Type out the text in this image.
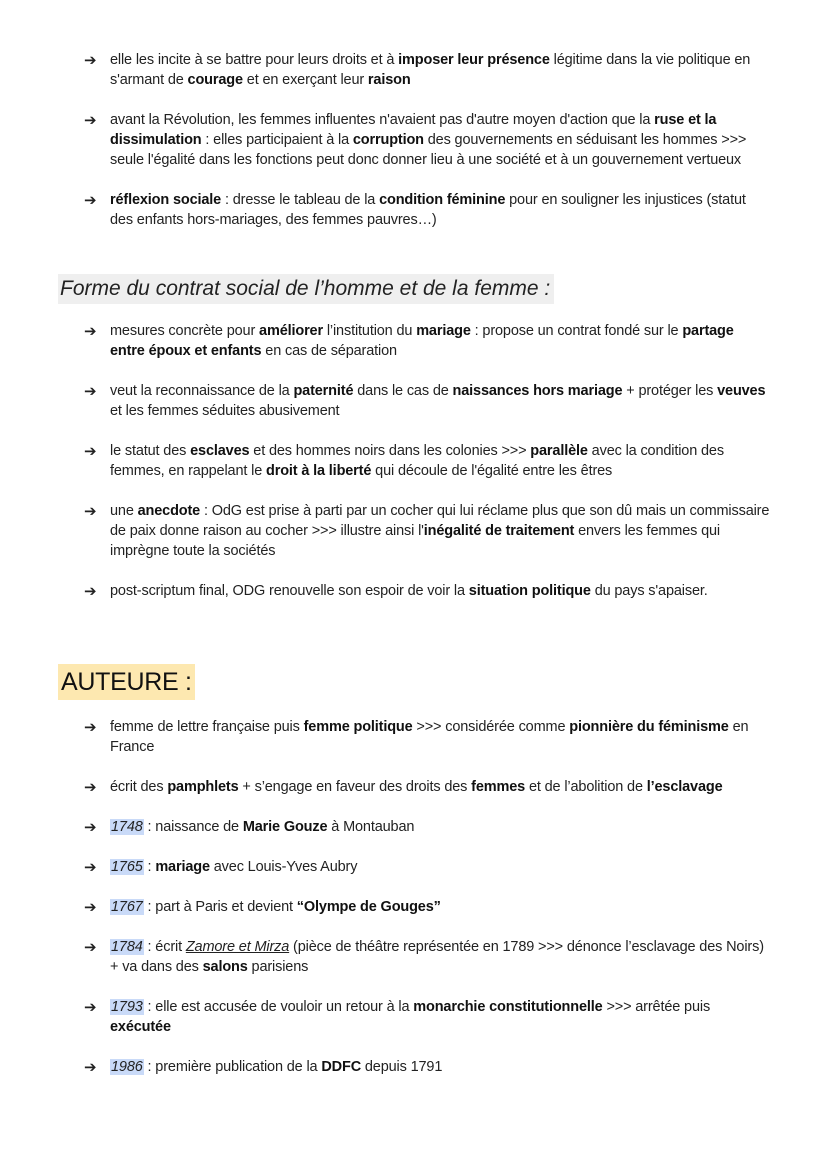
➔ elle les incite à se battre pour leurs droits et à imposer leur présence légitime dans la vie politique en s'armant de courage et en exerçant leur raison
➔ avant la Révolution, les femmes influentes n'avaient pas d'autre moyen d'action que la ruse et la dissimulation : elles participaient à la corruption des gouvernements en séduisant les hommes >>> seule l'égalité dans les fonctions peut donc donner lieu à une société et à un gouvernement vertueux
➔ réflexion sociale : dresse le tableau de la condition féminine pour en souligner les injustices (statut des enfants hors-mariages, des femmes pauvres…)
Forme du contrat social de l’homme et de la femme :
➔ mesures concrète pour améliorer l’institution du mariage : propose un contrat fondé sur le partage entre époux et enfants en cas de séparation
➔ veut la reconnaissance de la paternité dans le cas de naissances hors mariage + protéger les veuves et les femmes séduites abusivement
➔ le statut des esclaves et des hommes noirs dans les colonies >>> parallèle avec la condition des femmes, en rappelant le droit à la liberté qui découle de l'égalité entre les êtres
➔ une anecdote : OdG est prise à parti par un cocher qui lui réclame plus que son dû mais un commissaire de paix donne raison au cocher >>> illustre ainsi l'inégalité de traitement envers les femmes qui imprègne toute la sociétés
➔ post-scriptum final, ODG renouvelle son espoir de voir la situation politique du pays s'apaiser.
AUTEURE :
➔ femme de lettre française puis femme politique >>> considérée comme pionnière du féminisme en France
➔ écrit des pamphlets + s’engage en faveur des droits des femmes et de l’abolition de l’esclavage
➔ 1748 : naissance de Marie Gouze à Montauban
➔ 1765 : mariage avec Louis-Yves Aubry
➔ 1767 : part à Paris et devient “Olympe de Gouges”
➔ 1784 : écrit Zamore et Mirza (pièce de théâtre représentée en 1789 >>> dénonce l’esclavage des Noirs) + va dans des salons parisiens
➔ 1793 : elle est accusée de vouloir un retour à la monarchie constitutionnelle >>> arrêtée puis exécutée
➔ 1986 : première publication de la DDFC depuis 1791
